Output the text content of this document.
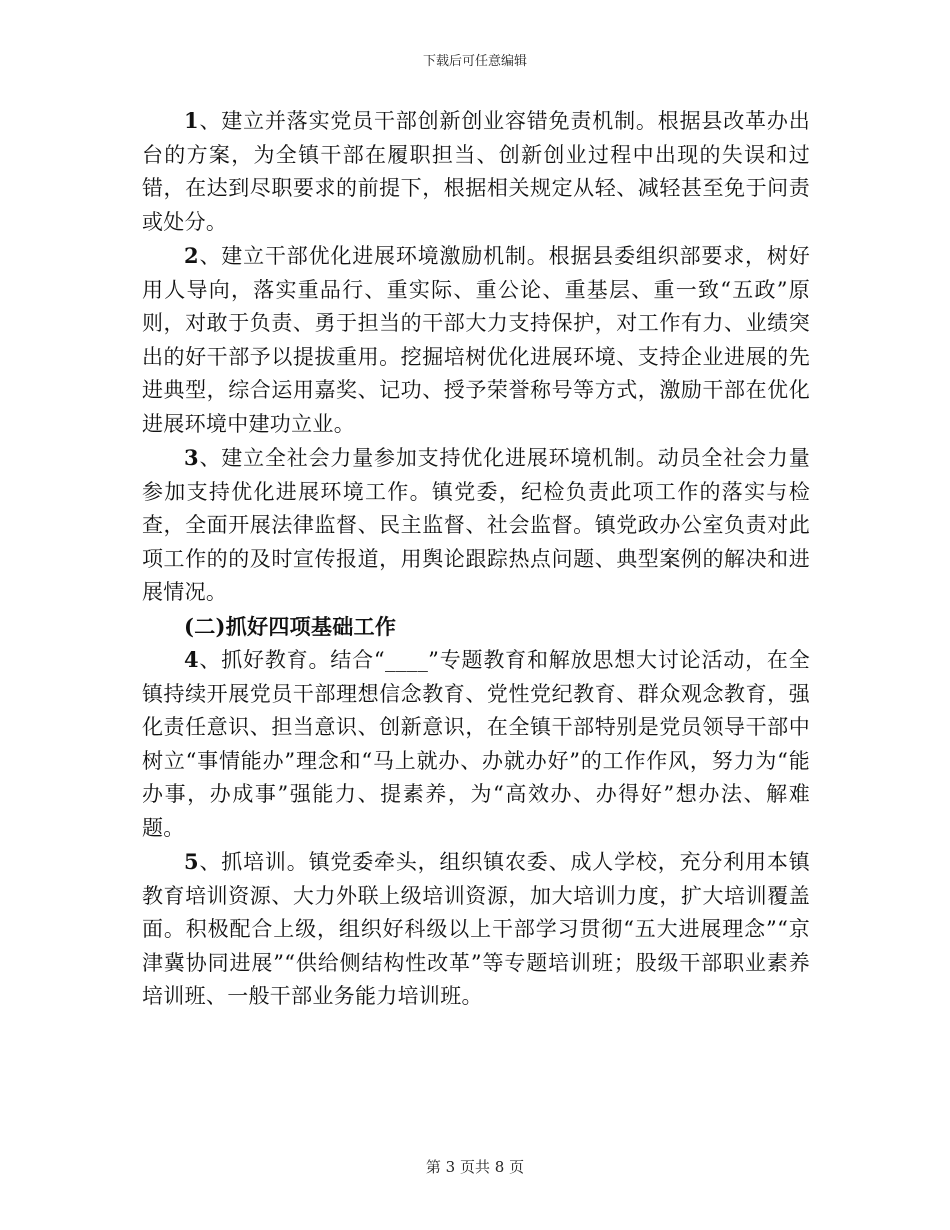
下载后可任意编辑

1、建立并落实党员干部创新创业容错免责机制。根据县改革办出台的方案，为全镇干部在履职担当、创新创业过程中出现的失误和过错，在达到尽职要求的前提下，根据相关规定从轻、减轻甚至免于问责或处分。

2、建立干部优化进展环境激励机制。根据县委组织部要求，树好用人导向，落实重品行、重实际、重公论、重基层、重一致“五政”原则，对敢于负责、勇于担当的干部大力支持保护，对工作有力、业绩突出的好干部予以提拔重用。挖掘培树优化进展环境、支持企业进展的先进典型，综合运用嘉奖、记功、授予荣誉称号等方式，激励干部在优化进展环境中建功立业。

3、建立全社会力量参加支持优化进展环境机制。动员全社会力量参加支持优化进展环境工作。镇党委，纪检负责此项工作的落实与检查，全面开展法律监督、民主监督、社会监督。镇党政办公室负责对此项工作的的及时宣传报道，用舆论跟踪热点问题、典型案例的解决和进展情况。

(二)抓好四项基础工作

4、抓好教育。结合“____”专题教育和解放思想大讨论活动，在全镇持续开展党员干部理想信念教育、党性党纪教育、群众观念教育，强化责任意识、担当意识、创新意识，在全镇干部特别是党员领导干部中树立“事情能办”理念和“马上就办、办就办好”的工作作风，努力为“能办事，办成事”强能力、提素养，为“高效办、办得好”想办法、解难题。

5、抓培训。镇党委牵头，组织镇农委、成人学校，充分利用本镇教育培训资源、大力外联上级培训资源，加大培训力度，扩大培训覆盖面。积极配合上级，组织好科级以上干部学习贯彻“五大进展理念”“京津冀协同进展”“供给侧结构性改革”等专题培训班；股级干部职业素养培训班、一般干部业务能力培训班。

第 3 页共 8 页
